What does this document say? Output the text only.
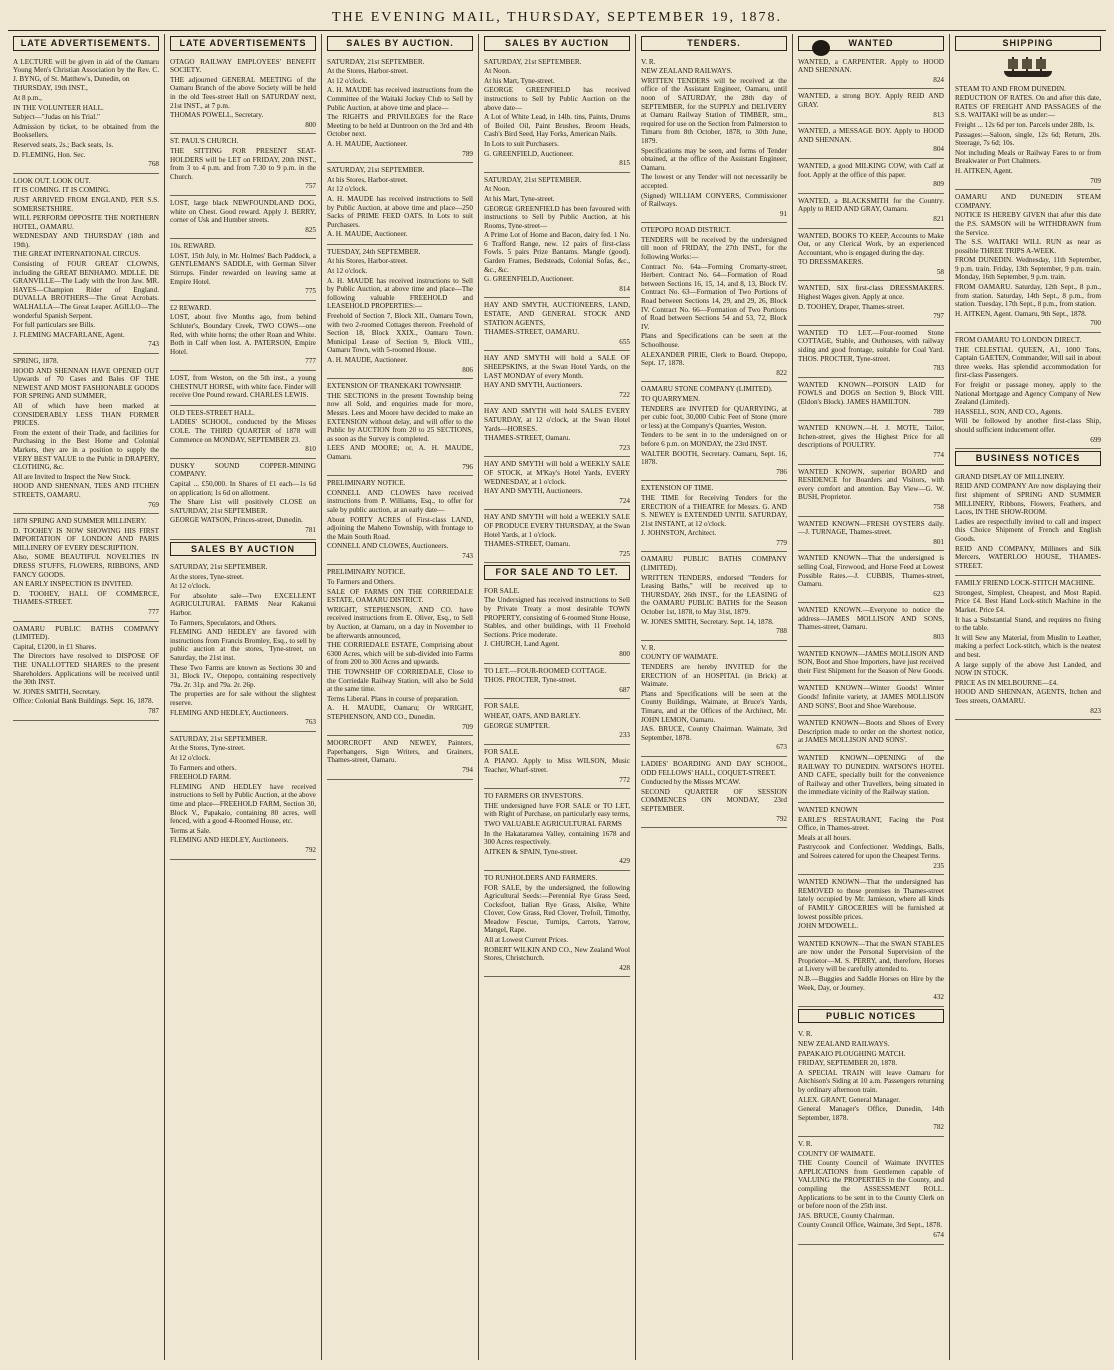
THE EVENING MAIL, THURSDAY, SEPTEMBER 19, 1878.
LATE ADVERTISEMENTS.

A LECTURE will be given in aid of the Oamaru Young Men's Christian Association by the Rev. C. J. BYNG, of St. Matthew's, Dunedin, on

THURSDAY, 19th INST.,

At 8 p.m.,

IN THE VOLUNTEER HALL.

Subject—"Judas on his Trial."

Admission by ticket, to be obtained from the Booksellers.

Reserved seats, 2s.; Back seats, 1s.

D. FLEMING, Hon. Sec.

768

LOOK OUT. LOOK OUT.

IT IS COMING. IT IS COMING.

JUST ARRIVED FROM ENGLAND, PER S.S. SOMERSETSHIRE.

WILL PERFORM OPPOSITE THE NORTHERN HOTEL, OAMARU.

WEDNESDAY AND THURSDAY (18th and 19th).

THE GREAT INTERNATIONAL CIRCUS.

Consisting of FOUR GREAT CLOWNS, including the GREAT BENHAMO. MDLLE. DE GRANVILLE—The Lady with the Iron Jaw. MR. HAYES—Champion Rider of England. DUVALLA BROTHERS—The Great Acrobats. WALHALLA—The Great Leaper. AGILLO—The wonderful Spanish Serpent.

For full particulars see Bills.

J. FLEMING MACFARLANE, Agent.

743

SPRING, 1878.

HOOD AND SHENNAN HAVE OPENED OUT Upwards of 70 Cases and Bales OF THE NEWEST AND MOST FASHIONABLE GOODS FOR SPRING AND SUMMER,

All of which have been marked at CONSIDERABLY LESS THAN FORMER PRICES.

From the extent of their Trade, and facilities for Purchasing in the Best Home and Colonial Markets, they are in a position to supply the VERY BEST VALUE to the Public in DRAPERY, CLOTHING, &c.

All are Invited to Inspect the New Stock.

HOOD AND SHENNAN, TEES AND ITCHEN STREETS, OAMARU.

769

1878 SPRING AND SUMMER MILLINERY.

D. TOOHEY IS NOW SHOWING HIS FIRST IMPORTATION OF LONDON AND PARIS MILLINERY OF EVERY DESCRIPTION.

Also, SOME BEAUTIFUL NOVELTIES IN DRESS STUFFS, FLOWERS, RIBBONS, AND FANCY GOODS.

AN EARLY INSPECTION IS INVITED.

D. TOOHEY, HALL OF COMMERCE, THAMES-STREET.

777

OAMARU PUBLIC BATHS COMPANY (LIMITED).

Capital, £1200, in £1 Shares.

The Directors have resolved to DISPOSE OF THE UNALLOTTED SHARES to the present Shareholders. Applications will be received until the 30th INST.

W. JONES SMITH, Secretary.

Office: Colonial Bank Buildings. Sept. 16, 1878.

787
LATE ADVERTISEMENTS

OTAGO RAILWAY EMPLOYEES' BENEFIT SOCIETY.

THE adjourned GENERAL MEETING of the Oamaru Branch of the above Society will be held in the old Tees-street Hall on SATURDAY next, 21st INST., at 7 p.m.

THOMAS POWELL, Secretary.

800

ST. PAUL'S CHURCH.

THE SITTING FOR PRESENT SEAT-HOLDERS will be LET on FRIDAY, 20th INST., from 3 to 4 p.m. and from 7.30 to 9 p.m. in the Church.

757

LOST, large black NEWFOUNDLAND DOG, white on Chest. Good reward. Apply J. BERRY, corner of Usk and Humber streets.

825

10s. REWARD.

LOST, 15th July, in Mr. Holmes' Bach Paddock, a GENTLEMAN'S SADDLE, with German Silver Stirrups. Finder rewarded on leaving same at Empire Hotel.

775

£2 REWARD.

LOST, about five Months ago, from behind Schluter's, Boundary Creek, TWO COWS—one Red, with white horns; the other Roan and White. Both in Calf when lost. A. PATERSON, Empire Hotel.

777

LOST, from Weston, on the 5th inst., a young CHESTNUT HORSE, with white face. Finder will receive One Pound reward. CHARLES LEWIS.

OLD TEES-STREET HALL.

LADIES' SCHOOL, conducted by the Misses COLE. The THIRD QUARTER of 1878 will Commence on MONDAY, SEPTEMBER 23.

810

DUSKY SOUND COPPER-MINING COMPANY.

Capital ... £50,000. In Shares of £1 each—1s 6d on application; 1s 6d on allotment.

The Share List will positively CLOSE on SATURDAY, 21st SEPTEMBER.

GEORGE WATSON, Princes-street, Dunedin.

781
SALES BY AUCTION

SATURDAY, 21st SEPTEMBER.

At the stores, Tyne-street.

At 12 o'clock.

For absolute sale—Two EXCELLENT AGRICULTURAL FARMS Near Kakanui Harbor.

To Farmers, Speculators, and Others.

FLEMING AND HEDLEY are favored with instructions from Francis Bromley, Esq., to sell by public auction at the stores, Tyne-street, on Saturday, the 21st inst.

These Two Farms are known as Sections 30 and 31, Block IV., Otepopo, containing respectively 79a. 2r. 31p. and 79a. 2r. 26p.

The properties are for sale without the slightest reserve.

FLEMING AND HEDLEY, Auctioneers.

763

SATURDAY, 21st SEPTEMBER.

At the Stores, Tyne-street.

At 12 o'clock.

To Farmers and others.

FREEHOLD FARM.

FLEMING AND HEDLEY have received instructions to Sell by Public Auction, at the above time and place—FREEHOLD FARM, Section 30, Block V., Papakaio, containing 80 acres, well fenced, with a good 4-Roomed House, etc.

Terms at Sale.

FLEMING AND HEDLEY, Auctioneers.

792
SALES BY AUCTION.

SATURDAY, 21st SEPTEMBER.

At the Stores, Harbor-street.

At 12 o'clock.

A. H. MAUDE has received instructions from the Committee of the Waitaki Jockey Club to Sell by Public Auction, at above time and place—

The RIGHTS and PRIVILEGES for the Race Meeting to be held at Duntroon on the 3rd and 4th October next.

A. H. MAUDE, Auctioneer.

789

SATURDAY, 21st SEPTEMBER.

At his Stores, Harbor-street.

At 12 o'clock.

A. H. MAUDE has received instructions to Sell by Public Auction, at above time and place—250 Sacks of PRIME FEED OATS. In Lots to suit Purchasers.

A. H. MAUDE, Auctioneer.

TUESDAY, 24th SEPTEMBER.

At his Stores, Harbor-street.

At 12 o'clock.

A. H. MAUDE has received instructions to Sell by Public Auction, at above time and place—The following valuable FREEHOLD and LEASEHOLD PROPERTIES:—

Freehold of Section 7, Block XII., Oamaru Town, with two 2-roomed Cottages thereon. Freehold of Section 18, Block XXIX., Oamaru Town. Municipal Lease of Section 9, Block VIII., Oamaru Town, with 5-roomed House.

A. H. MAUDE, Auctioneer.

806

EXTENSION OF TRANEKAKI TOWNSHIP.

THE SECTIONS in the present Township being now all Sold, and enquiries made for more, Messrs. Lees and Moore have decided to make an EXTENSION without delay, and will offer to the Public by AUCTION from 20 to 25 SECTIONS, as soon as the Survey is completed.

LEES AND MOORE; or, A. H. MAUDE, Oamaru.

796

PRELIMINARY NOTICE.

CONNELL AND CLOWES have received instructions from P. Williams, Esq., to offer for sale by public auction, at an early date—

About FORTY ACRES of First-class LAND, adjoining the Maheno Township, with frontage to the Main South Road.

CONNELL AND CLOWES, Auctioneers.

743

PRELIMINARY NOTICE.

To Farmers and Others.

SALE OF FARMS ON THE CORRIEDALE ESTATE, OAMARU DISTRICT.

WRIGHT, STEPHENSON, AND CO. have received instructions from E. Oliver, Esq., to Sell by Auction, at Oamaru, on a day in November to be afterwards announced,

THE CORRIEDALE ESTATE, Comprising about 6300 Acres, which will be sub-divided into Farms of from 200 to 300 Acres and upwards.

THE TOWNSHIP OF CORRIEDALE, Close to the Corriedale Railway Station, will also be Sold at the same time.

Terms Liberal. Plans in course of preparation.

A. H. MAUDE, Oamaru; Or WRIGHT, STEPHENSON, AND CO., Dunedin.

709

MOORCROFT AND NEWEY, Painters, Paperhangers, Sign Writers, and Grainers, Thames-street, Oamaru.

794
SALES BY AUCTION

SATURDAY, 21st SEPTEMBER.

At Noon.

At his Mart, Tyne-street.

GEORGE GREENFIELD has received instructions to Sell by Public Auction on the above date—

A Lot of White Lead, in 14lb. tins, Paints, Drums of Boiled Oil, Paint Brushes, Broom Heads, Cash's Bird Seed, Hay Forks, American Nails.

In Lots to suit Purchasers.

G. GREENFIELD, Auctioneer.

815

SATURDAY, 21st SEPTEMBER.

At Noon.

At his Mart, Tyne-street.

GEORGE GREENFIELD has been favoured with instructions to Sell by Public Auction, at his Rooms, Tyne-street—

A Prime Lot of Home and Bacon, dairy fed. 1 No. 6 Trafford Range, new. 12 pairs of first-class Fowls. 5 pairs Prize Bantams. Mangle (good). Garden Frames, Bedsteads, Colonial Sofas, &c., &c., &c.

G. GREENFIELD, Auctioneer.

814

HAY AND SMYTH, AUCTIONEERS, LAND, ESTATE, AND GENERAL STOCK AND STATION AGENTS,

THAMES-STREET, OAMARU.

655

HAY AND SMYTH will hold a SALE OF SHEEPSKINS, at the Swan Hotel Yards, on the LAST MONDAY of every Month.

HAY AND SMYTH, Auctioneers.

722

HAY AND SMYTH will hold SALES EVERY SATURDAY, at 12 o'clock, at the Swan Hotel Yards—HORSES.

THAMES-STREET, Oamaru.

723

HAY AND SMYTH will hold a WEEKLY SALE OF STOCK, at M'Kay's Hotel Yards, EVERY WEDNESDAY, at 1 o'clock.

HAY AND SMYTH, Auctioneers.

724

HAY AND SMYTH will hold a WEEKLY SALE OF PRODUCE EVERY THURSDAY, at the Swan Hotel Yards, at 1 o'clock.

THAMES-STREET, Oamaru.

725
FOR SALE AND TO LET.

FOR SALE.

The Undersigned has received instructions to Sell by Private Treaty a most desirable TOWN PROPERTY, consisting of 6-roomed Stone House, Stables, and other buildings, with 11 Freehold Sections. Price moderate.

J. CHURCH, Land Agent.

800

TO LET.—FOUR-ROOMED COTTAGE.

THOS. PROCTER, Tyne-street.

687

FOR SALE.

WHEAT, OATS, AND BARLEY.

GEORGE SUMPTER.

233

FOR SALE.

A PIANO. Apply to Miss WILSON, Music Teacher, Wharf-street.

772

TO FARMERS OR INVESTORS.

THE undersigned have FOR SALE or TO LET, with Right of Purchase, on particularly easy terms,

TWO VALUABLE AGRICULTURAL FARMS

In the Hakataramea Valley, containing 1678 and 300 Acres respectively.

AITKEN & SPAIN, Tyne-street.

429

TO RUNHOLDERS AND FARMERS.

FOR SALE, by the undersigned, the following Agricultural Seeds:—Perennial Rye Grass Seed, Cocksfoot, Italian Rye Grass, Alsike, White Clover, Cow Grass, Red Clover, Trefoil, Timothy, Meadow Fescue, Turnips, Carrots, Yarrow, Mangel, Rape.

All at Lowest Current Prices.

ROBERT WILKIN AND CO., New Zealand Wool Stores, Christchurch.

428
TENDERS.

V. R.

NEW ZEALAND RAILWAYS.

WRITTEN TENDERS will be received at the office of the Assistant Engineer, Oamaru, until noon of SATURDAY, the 28th day of SEPTEMBER, for the SUPPLY and DELIVERY at Oamaru Railway Station of TIMBER, stm., required for use on the Section from Palmerston to Timaru from 8th October, 1878, to 30th June, 1879.

Specifications may be seen, and forms of Tender obtained, at the office of the Assistant Engineer, Oamaru.

The lowest or any Tender will not necessarily be accepted.

(Signed) WILLIAM CONYERS, Commissioner of Railways.

91

OTEPOPO ROAD DISTRICT.

TENDERS will be received by the undersigned till noon of FRIDAY, the 27th INST., for the following Works:—

Contract No. 64a—Forming Cromarty-street, Herbert. Contract No. 64—Formation of Road between Sections 16, 15, 14, and 8, 13, Block IV. Contract No. 63—Formation of Two Portions of Road between Sections 14, 29, and 29, 26, Block IV. Contract No. 66—Formation of Two Portions of Road between Sections 54 and 53, 72, Block IV.

Plans and Specifications can be seen at the Schoolhouse.

ALEXANDER PIRIE, Clerk to Board. Otepopo, Sept. 17, 1878.

822

OAMARU STONE COMPANY (LIMITED).

TO QUARRYMEN.

TENDERS are INVITED for QUARRYING, at per cubic foot, 30,000 Cubic Feet of Stone (more or less) at the Company's Quarries, Weston.

Tenders to be sent in to the undersigned on or before 6 p.m. on MONDAY, the 23rd INST.

WALTER BOOTH, Secretary. Oamaru, Sept. 16, 1878.

786

EXTENSION OF TIME.

THE TIME for Receiving Tenders for the ERECTION of a THEATRE for Messrs. G. AND S. NEWEY is EXTENDED UNTIL SATURDAY, 21st INSTANT, at 12 o'clock.

J. JOHNSTON, Architect.

779

OAMARU PUBLIC BATHS COMPANY (LIMITED).

WRITTEN TENDERS, endorsed "Tenders for Leasing Baths," will be received up to THURSDAY, 26th INST., for the LEASING of the OAMARU PUBLIC BATHS for the Season October 1st, 1878, to May 31st, 1879.

W. JONES SMITH, Secretary. Sept. 14, 1878.

788

V. R.

COUNTY OF WAIMATE.

TENDERS are hereby INVITED for the ERECTION of an HOSPITAL (in Brick) at Waimate.

Plans and Specifications will be seen at the County Buildings, Waimate, at Bruce's Yards, Timaru, and at the Offices of the Architect, Mr. JOHN LEMON, Oamaru.

JAS. BRUCE, County Chairman. Waimate, 3rd September, 1878.

673

LADIES' BOARDING AND DAY SCHOOL, ODD FELLOWS' HALL, COQUET-STREET.

Conducted by the Misses M'CAW.

SECOND QUARTER OF SESSION COMMENCES ON MONDAY, 23rd SEPTEMBER.

792
WANTED

WANTED, a CARPENTER. Apply to HOOD AND SHENNAN.

824

WANTED, a strong BOY. Apply REID AND GRAY.

813

WANTED, a MESSAGE BOY. Apply to HOOD AND SHENNAN.

804

WANTED, a good MILKING COW, with Calf at foot. Apply at the office of this paper.

809

WANTED, a BLACKSMITH for the Country. Apply to REID AND GRAY, Oamaru.

821

WANTED, BOOKS TO KEEP, Accounts to Make Out, or any Clerical Work, by an experienced Accountant, who is engaged during the day.

TO DRESSMAKERS.

58

WANTED, SIX first-class DRESSMAKERS. Highest Wages given. Apply at once.

D. TOOHEY, Draper, Thames-street.

797

WANTED TO LET.—Four-roomed Stone COTTAGE, Stable, and Outhouses, with railway siding and good frontage, suitable for Coal Yard. THOS. PROCTER, Tyne-street.

783

WANTED KNOWN—POISON LAID for FOWLS and DOGS on Section 9, Block VIII. (Eldon's Block). JAMES HAMILTON.

789

WANTED KNOWN.—H. J. MOTE, Tailor, Itchen-street, gives the Highest Price for all descriptions of POULTRY.

774

WANTED KNOWN, superior BOARD and RESIDENCE for Boarders and Visitors, with every comfort and attention. Bay View—G. W. BUSH, Proprietor.

758

WANTED KNOWN—FRESH OYSTERS daily.—J. TURNAGE, Thames-street.

801

WANTED KNOWN—That the undersigned is selling Coal, Firewood, and Horse Feed at Lowest Possible Rates.—J. CUBBIS, Thames-street, Oamaru.

623

WANTED KNOWN.—Everyone to notice the address—JAMES MOLLISON AND SONS, Thames-street, Oamaru.

803

WANTED KNOWN—JAMES MOLLISON AND SON, Boot and Shoe Importers, have just received their First Shipment for the Season of New Goods.

WANTED KNOWN—Winter Goods! Winter Goods! Infinite variety, at JAMES MOLLISON AND SONS', Boot and Shoe Warehouse.

WANTED KNOWN—Boots and Shoes of Every Description made to order on the shortest notice, at JAMES MOLLISON AND SONS'.

WANTED KNOWN—OPENING of the RAILWAY TO DUNEDIN. WATSON'S HOTEL AND CAFE, specially built for the convenience of Railway and other Travellers, being situated in the immediate vicinity of the Railway station.

WANTED KNOWN

EARLE'S RESTAURANT, Facing the Post Office, in Thames-street.

Meals at all hours.

Pastrycook and Confectioner. Weddings, Balls, and Soirees catered for upon the Cheapest Terms.

235

WANTED KNOWN—That the undersigned has REMOVED to those premises in Thames-street lately occupied by Mr. Jamieson, where all kinds of FAMILY GROCERIES will be furnished at lowest possible prices.

JOHN M'DOWELL.

WANTED KNOWN—That the SWAN STABLES are now under the Personal Supervision of the Proprietor—M. S. PERRY, and, therefore, Horses at Livery will be carefully attended to.

N.B.—Buggies and Saddle Horses on Hire by the Week, Day, or Journey.

432
PUBLIC NOTICES

V. R.

NEW ZEALAND RAILWAYS.

PAPAKAIO PLOUGHING MATCH.

FRIDAY, SEPTEMBER 20, 1878.

A SPECIAL TRAIN will leave Oamaru for Aitchison's Siding at 10 a.m. Passengers returning by ordinary afternoon train.

ALEX. GRANT, General Manager.

General Manager's Office, Dunedin, 14th September, 1878.

782

V. R.

COUNTY OF WAIMATE.

THE County Council of Waimate INVITES APPLICATIONS from Gentlemen capable of VALUING the PROPERTIES in the County, and compiling the ASSESSMENT ROLL. Applications to be sent in to the County Clerk on or before noon of the 25th inst.

JAS. BRUCE, County Chairman.

County Council Office, Waimate, 3rd Sept., 1878.

674
SHIPPING

STEAM TO AND FROM DUNEDIN.

REDUCTION OF RATES. On and after this date, RATES OF FREIGHT AND PASSAGES of the S.S. WAITAKI will be as under:—

Freight ... 12s 6d per ton. Parcels under 28lb, 1s.

Passages:—Saloon, single, 12s 6d; Return, 20s. Steerage, 7s 6d; 10s.

Not including Meals or Railway Fares to or from Breakwater or Port Chalmers.

H. AITKEN, Agent.

709

OAMARU AND DUNEDIN STEAM COMPANY.

NOTICE IS HEREBY GIVEN that after this date the P.S. SAMSON will be WITHDRAWN from the Service.

The S.S. WAITAKI WILL RUN as near as possible THREE TRIPS A-WEEK.

FROM DUNEDIN. Wednesday, 11th September, 9 p.m. train. Friday, 13th September, 9 p.m. train. Monday, 16th September, 9 p.m. train.

FROM OAMARU. Saturday, 12th Sept., 8 p.m., from station. Saturday, 14th Sept., 8 p.m., from station. Tuesday, 17th Sept., 8 p.m., from station.

H. AITKEN, Agent. Oamaru, 9th Sept., 1878.

700

FROM OAMARU TO LONDON DIRECT.

THE CELESTIAL QUEEN, A1, 1000 Tons, Captain GAETEN, Commander, Will sail in about three weeks. Has splendid accommodation for first-class Passengers.

For freight or passage money, apply to the National Mortgage and Agency Company of New Zealand (Limited).

HASSELL, SON, AND CO., Agents.

Will be followed by another first-class Ship, should sufficient inducement offer.

699
BUSINESS NOTICES

GRAND DISPLAY OF MILLINERY.

REID AND COMPANY Are now displaying their first shipment of SPRING AND SUMMER MILLINERY, Ribbons, Flowers, Feathers, and Laces, IN THE SHOW-ROOM.

Ladies are respectfully invited to call and inspect this Choice Shipment of French and English Goods.

REID AND COMPANY, Milliners and Silk Mercers, WATERLOO HOUSE, THAMES-STREET.

FAMILY FRIEND LOCK-STITCH MACHINE.

Strongest, Simplest, Cheapest, and Most Rapid. Price £4. Best Hand Lock-stitch Machine in the Market. Price £4.

It has a Substantial Stand, and requires no fixing to the table.

It will Sew any Material, from Muslin to Leather, making a perfect Lock-stitch, which is the neatest and best.

A large supply of the above Just Landed, and NOW IN STOCK.

PRICE AS IN MELBOURNE—£4.

HOOD AND SHENNAN, AGENTS, Itchen and Tees streets, OAMARU.

823
